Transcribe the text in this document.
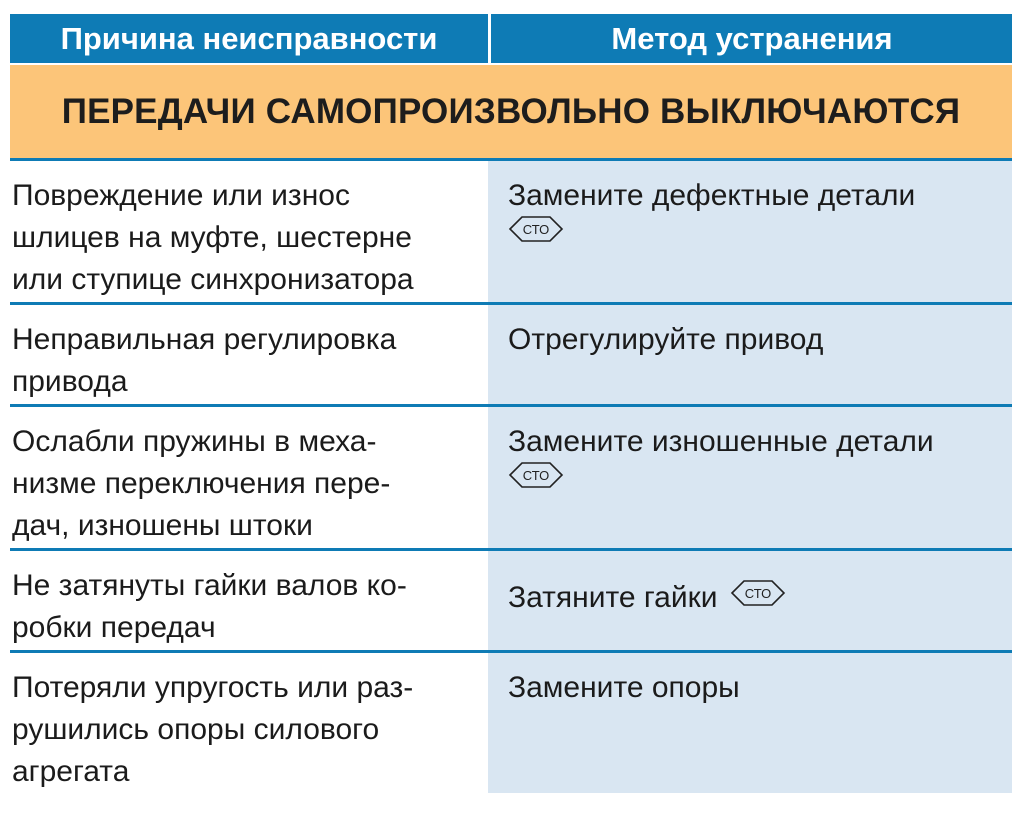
Причина неисправности	Метод устранения
ПЕРЕДАЧИ САМОПРОИЗВОЛЬНО ВЫКЛЮЧАЮТСЯ
Повреждение или износ
шлицев на муфте, шестерне
или ступице синхронизатора
Замените дефектные детали
СТО
Неправильная регулировка
привода
Отрегулируйте привод
Ослабли пружины в меха-
низме переключения пере-
дач, изношены штоки
Замените изношенные детали
СТО
Не затянуты гайки валов ко-
робки передач
Затяните гайки СТО
Потеряли упругость или раз-
рушились опоры силового
агрегата
Замените опоры
